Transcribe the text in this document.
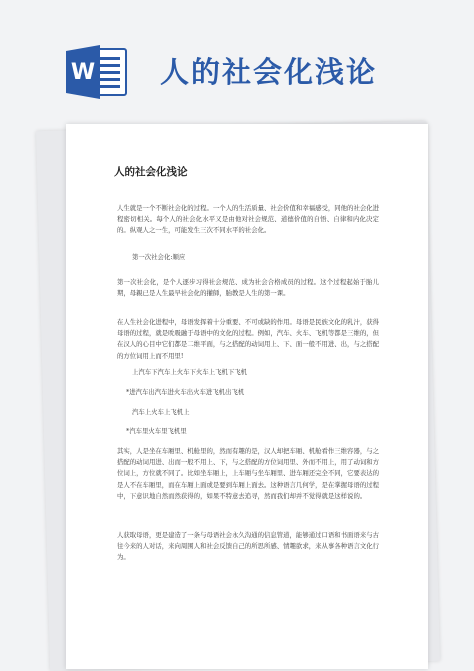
W 人的社会化浅论
人的社会化浅论
人生就是一个不断社会化的过程。一个人的生活质量、社会价值和幸福感受，同他的社会化进程密切相关。每个人的社会化水平又是由他对社会规范、道德价值的自悟、自律和内化决定的。纵观人之一生，可能发生三次不同水平的社会化。
第一次社会化:顺应
第一次社会化，是个人逐步习得社会规范、成为社会合格成员的过程。这个过程起始于胎儿期，母親已是人生最早社会化的㩲師，胎教是人生的第一课。
在人生社会化进程中，母语发挥着十分重要、不可或缺的作用。母语是民族文化的乳汁，获得母语的过程，就是吮吸融于母语中的文化的过程。例如，汽车、火车、飞机等都是三维的，但在汉人的心目中它们都是二维平面，与之搭配的动词用上、下、面一般不用进、出，与之搭配的方位词用上而不用里!
上汽车下汽车上火车下火车上飞机下飞机
*进汽车出汽车进火车出火车进飞机出飞机
汽车上火车上飞机上
*汽车里火车里飞机里
其实，人是坐在车厢里、机舱里的，然而有趣的是，汉人却把车厢、机舱看作三维容器，与之搭配的动词用进、出而一般不用上、下，与之搭配的方位词用里、外而不用上，用了动词和方位词上，方位就不同了。比如坐车厢上，上车厢与坐车厢里、进车厢还完全不同，它要表达的是人不在车厢里，而在车厢上面或是要到车厢上面去。这种语言几何学，是在掌握母语的过程中，下意识地自然而然获得的，如果不特意去追寻，然而我们却并不觉得就是这样说的。
人获取母语，更是建造了一条与母语社会永久沟通的信息管道，能够通过口语和书面语来与古往今来的人对话，来向周围人和社会反馈自己的所思所感、情趣欲求，来从事各种语言文化行为。
